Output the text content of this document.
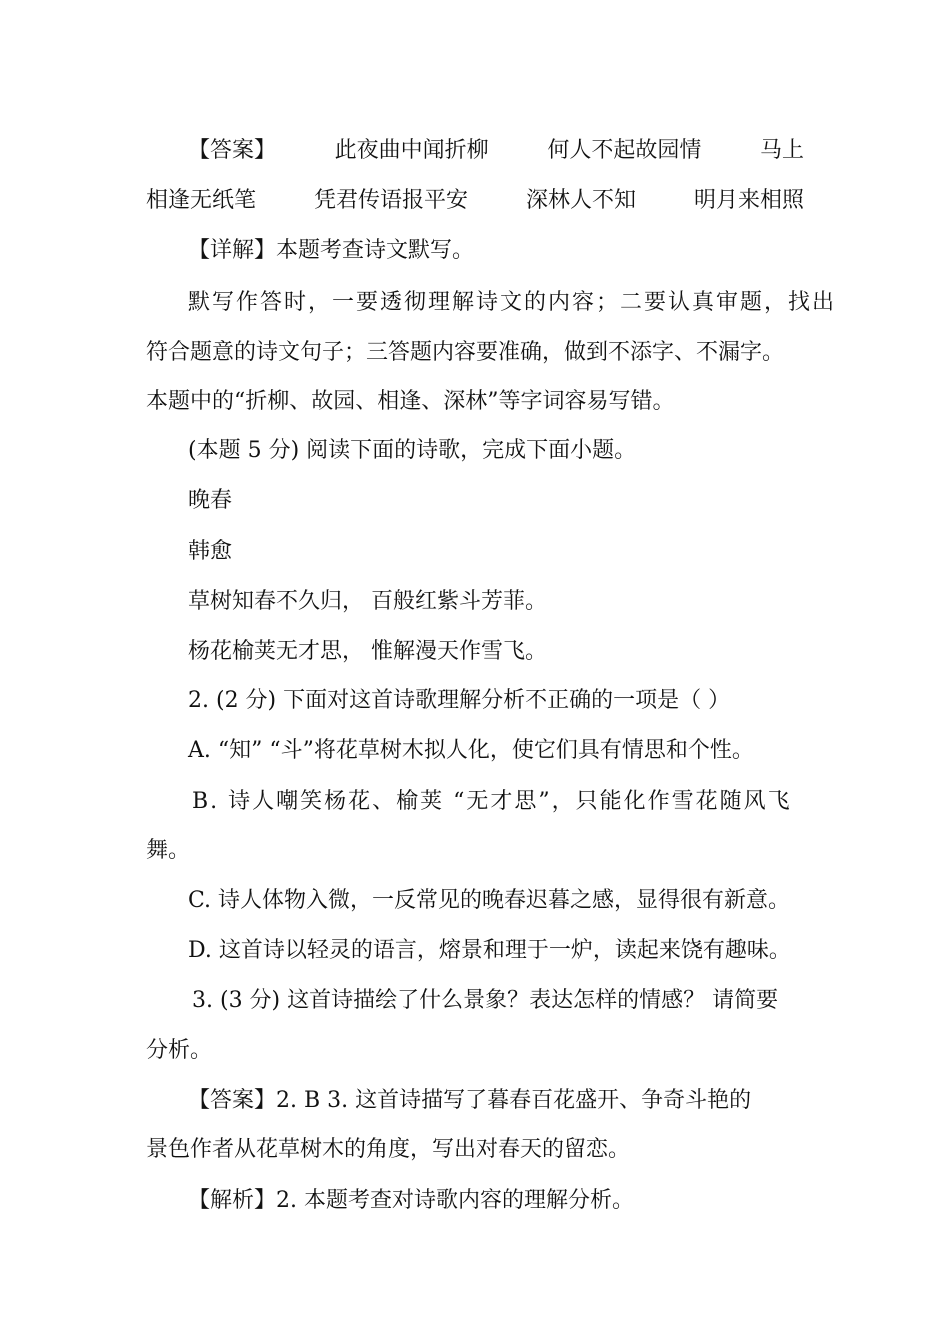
【答案】	此夜曲中闻折柳	何人不起故园情	马上
相逢无纸笔	凭君传语报平安	深林人不知	明月来相照

【详解】本题考查诗文默写。

默写作答时，一要透彻理解诗文的内容；二要认真审题，找出

符合题意的诗文句子；三答题内容要准确，做到不添字、不漏字。

本题中的“折柳、故园、相逢、深林”等字词容易写错。

(本题 5 分) 阅读下面的诗歌，完成下面小题。

晚春

韩愈

草树知春不久归， 百般红紫斗芳菲。

杨花榆荚无才思， 惟解漫天作雪飞。

2. (2 分) 下面对这首诗歌理解分析不正确的一项是（ ）

A. “知” “斗”将花草树木拟人化，使它们具有情思和个性。

B. 诗人嘲笑杨花、榆荚 “无才思”，只能化作雪花随风飞

舞。

C. 诗人体物入微，一反常见的晚春迟暮之感，显得很有新意。

D. 这首诗以轻灵的语言，熔景和理于一炉，读起来饶有趣味。

3. (3 分) 这首诗描绘了什么景象？表达怎样的情感？ 请简要

分析。

【答案】2. B 3. 这首诗描写了暮春百花盛开、争奇斗艳的

景色作者从花草树木的角度，写出对春天的留恋。

【解析】2. 本题考查对诗歌内容的理解分析。
